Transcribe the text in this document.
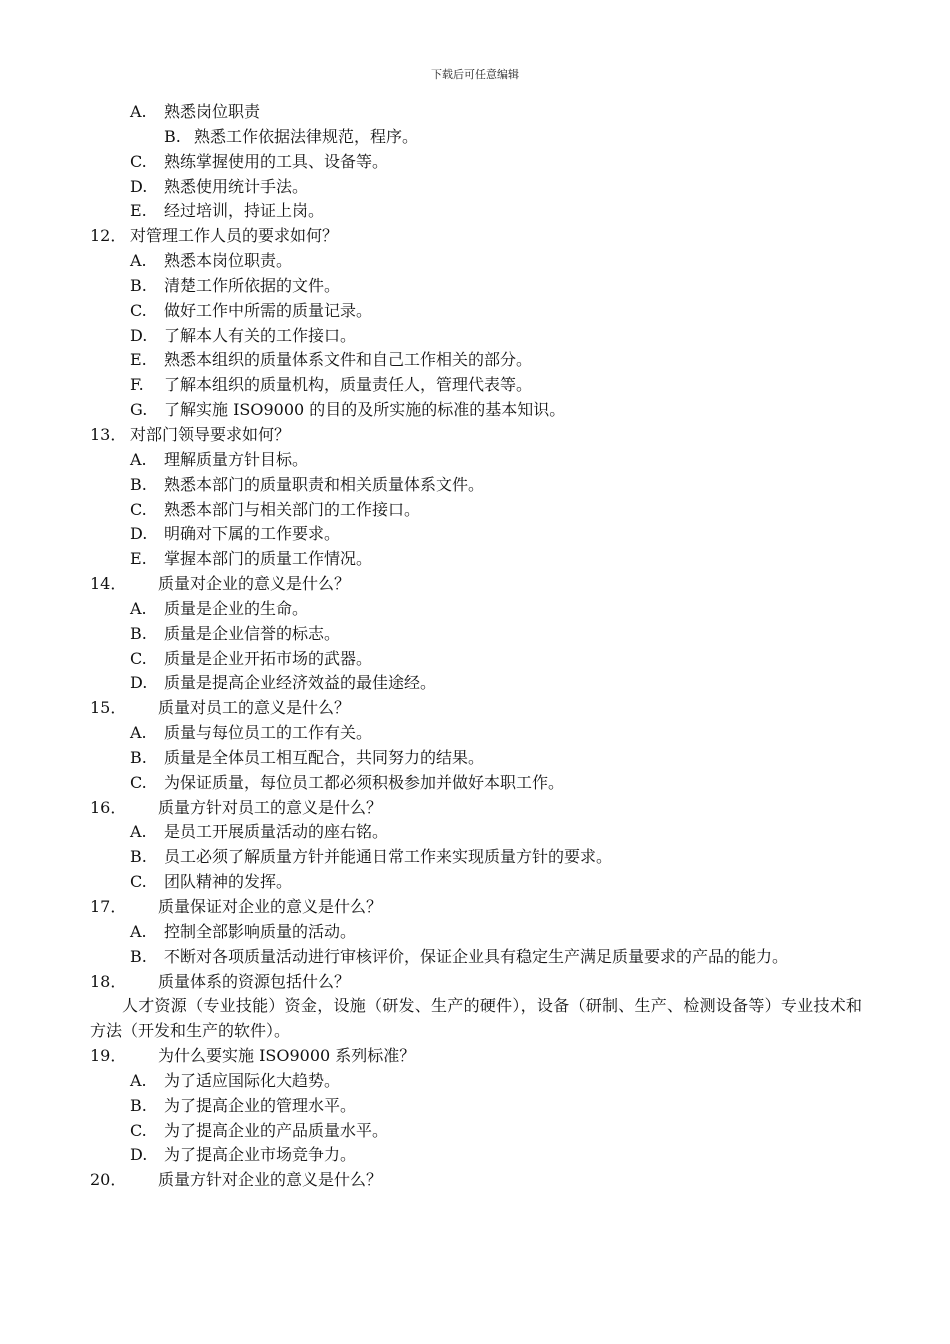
下载后可任意编辑
A.	熟悉岗位职责
B. 熟悉工作依据法律规范，程序。
C.	熟练掌握使用的工具、设备等。
D.	熟悉使用统计手法。
E.	经过培训，持证上岗。
12． 对管理工作人员的要求如何？
A.	熟悉本岗位职责。
B.	清楚工作所依据的文件。
C.	做好工作中所需的质量记录。
D.	了解本人有关的工作接口。
E.	熟悉本组织的质量体系文件和自己工作相关的部分。
F.	了解本组织的质量机构，质量责任人，管理代表等。
G.	了解实施 ISO9000 的目的及所实施的标准的基本知识。
13． 对部门领导要求如何？
A.	理解质量方针目标。
B.	熟悉本部门的质量职责和相关质量体系文件。
C.	熟悉本部门与相关部门的工作接口。
D.	明确对下属的工作要求。
E.	掌握本部门的质量工作情况。
14．	质量对企业的意义是什么？
A.	质量是企业的生命。
B.	质量是企业信誉的标志。
C.	质量是企业开拓市场的武器。
D.	质量是提高企业经济效益的最佳途经。
15．	质量对员工的意义是什么？
A.	质量与每位员工的工作有关。
B.	质量是全体员工相互配合，共同努力的结果。
C.	为保证质量，每位员工都必须积极参加并做好本职工作。
16．	质量方针对员工的意义是什么？
A.	是员工开展质量活动的座右铭。
B.	员工必须了解质量方针并能通日常工作来实现质量方针的要求。
C.	团队精神的发挥。
17．	质量保证对企业的意义是什么？
A.	控制全部影响质量的活动。
B. 不断对各项质量活动进行审核评价，保证企业具有稳定生产满足质量要求的产品的能力。
18．	质量体系的资源包括什么？
人才资源（专业技能）资金，设施（研发、生产的硬件），设备（研制、生产、检测设备等）专业技术和方法（开发和生产的软件）。
19．	为什么要实施 ISO9000 系列标准？
A.	为了适应国际化大趋势。
B.	为了提高企业的管理水平。
C.	为了提高企业的产品质量水平。
D.	为了提高企业市场竞争力。
20．	质量方针对企业的意义是什么？
